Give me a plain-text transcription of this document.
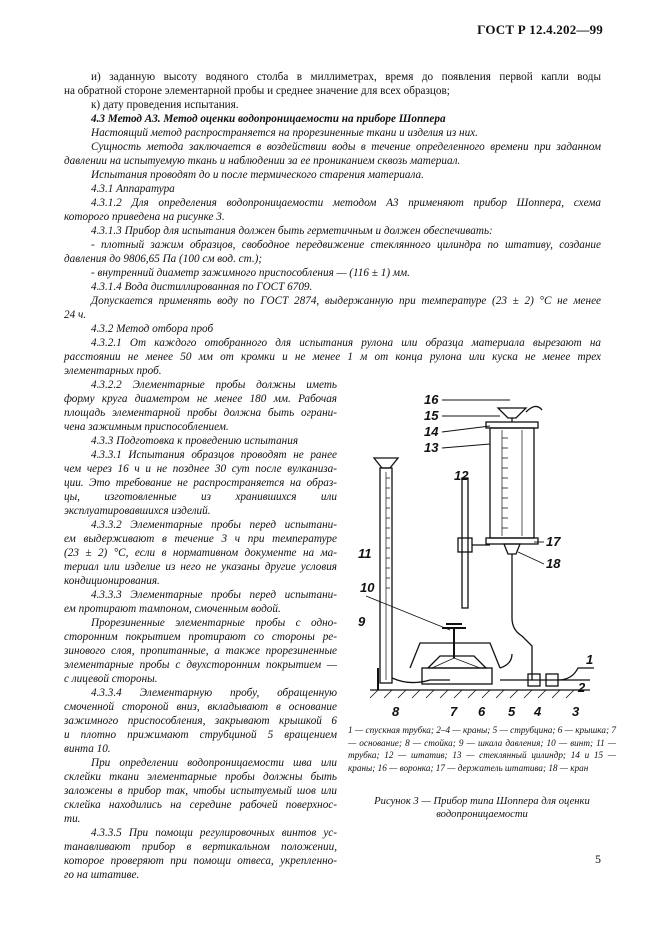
ГОСТ Р 12.4.202—99
и) заданную высоту водяного столба в миллиметрах, время до появления первой капли воды
на обратной стороне элементарной пробы и среднее значение для всех образцов;
к) дату проведения испытания.
4.3 Метод А3. Метод оценки водопроницаемости на приборе Шоппера
Настоящий метод распространяется на прорезиненные ткани и изделия из них.
Сущность метода заключается в воздействии воды в течение определенного времени при заданном
давлении на испытуемую ткань и наблюдении за ее прониканием сквозь материал.
Испытания проводят до и после термического старения материала.
4.3.1 Аппаратура
4.3.1.2 Для определения водопроницаемости методом А3 применяют прибор Шоппера, схема
которого приведена на рисунке 3.
4.3.1.3 Прибор для испытания должен быть герметичным и должен обеспечивать:
- плотный зажим образцов, свободное передвижение стеклянного цилиндра по штативу, создание
давления до 9806,65 Па (100 см вод. ст.);
- внутренний диаметр зажимного приспособления — (116 ± 1) мм.
4.3.1.4 Вода дистиллированная по ГОСТ 6709.
Допускается применять воду по ГОСТ 2874, выдержанную при температуре (23 ± 2) °С не менее
24 ч.
4.3.2 Метод отбора проб
4.3.2.1 От каждого отобранного для испытания рулона или образца материала вырезают на
расстоянии не менее 50 мм от кромки и не менее 1 м от конца рулона или куска не менее трех
элементарных проб.
4.3.2.2 Элементарные пробы должны иметь
форму круга диаметром не менее 180 мм. Рабочая
площадь элементарной пробы должна быть ограни-
чена зажимным приспособлением.
4.3.3 Подготовка к проведению испытания
4.3.3.1 Испытания образцов проводят не ранее
чем через 16 ч и не позднее 30 сут после вулканиза-
ции. Это требование не распространяется на образ-
цы,      изготовленные      из      хранившихся      или
эксплуатировавшихся изделий.
4.3.3.2 Элементарные пробы перед испытани-
ем выдерживают в течение 3 ч при температуре
(23 ± 2) °С, если в нормативном документе на ма-
териал или изделие из него не указаны другие условия
кондиционирования.
4.3.3.3 Элементарные пробы перед испытани-
ем протирают тампоном, смоченным водой.
Прорезиненные элементарные пробы с одно-
сторонним покрытием протирают со стороны ре-
зинового слоя, пропитанные, а также прорезиненные
элементарные пробы с двухсторонним покрытием —
с лицевой стороны.
4.3.3.4 Элементарную пробу, обращенную
смоченной стороной вниз, вкладывают в основание
зажимного приспособления, закрывают крышкой 6
и плотно прижимают струбциной 5 вращением
винта 10.
При определении водопроницаемости шва или
склейки ткани элементарные пробы должны быть
заложены в прибор так, чтобы испытуемый шов или
склейка находились на середине рабочей поверхнос-
ти.
4.3.3.5 При помощи регулировочных винтов ус-
танавливают прибор в вертикальном положении,
которое проверяют при помощи отвеса, укрепленно-
го на штативе.
12
11
10
9
8	7 6 5 4 3
2
1
17
18
15
14
13
16
1 — спускная трубка; 2–4 — краны; 5 — струбцина; 6 — крышка; 7 — основание; 8 — стойка; 9 — шкала давления; 10 — винт; 11 — трубка; 12 — штатив; 13 — стеклянный цилиндр; 14 и 15 — краны; 16 — воронка; 17 — держатель штатива; 18 — кран
Рисунок 3 — Прибор типа Шоппера для оценки водопроницаемости
5
